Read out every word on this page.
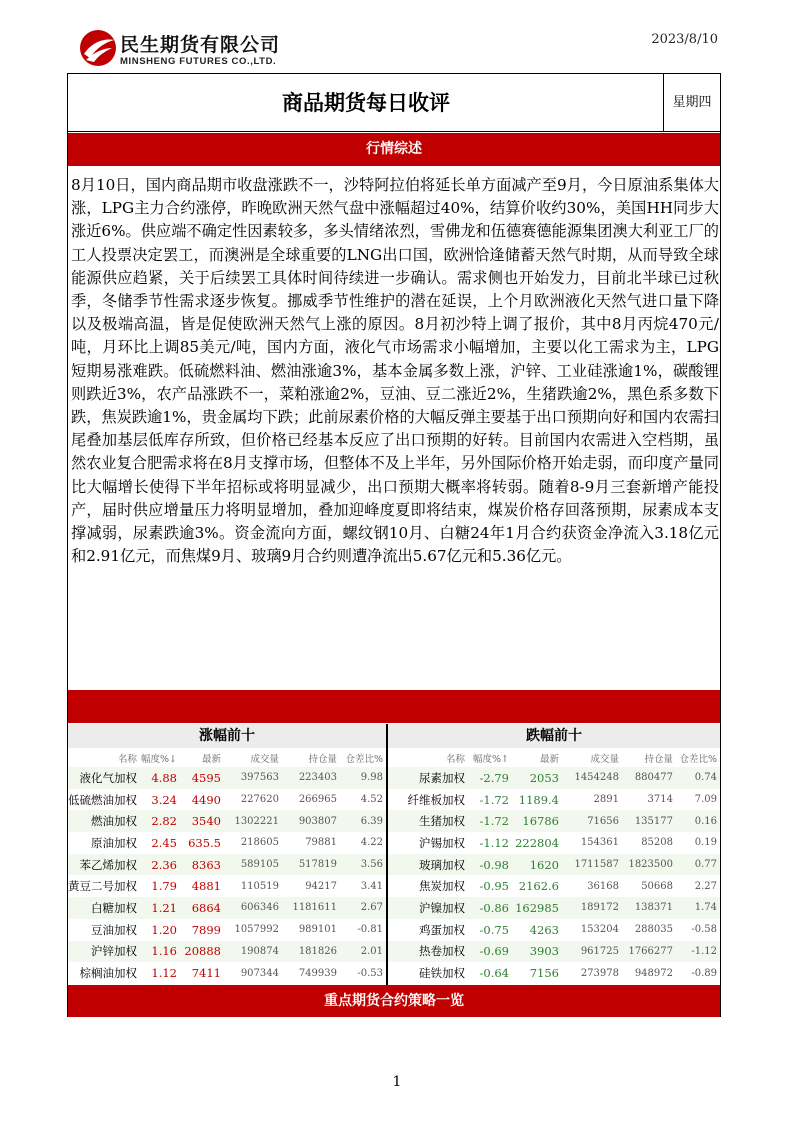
民生期货有限公司
MINSHENG FUTURES CO.,LTD.
2023/8/10
商品期货每日收评	星期四
行情综述
8月10日，国内商品期市收盘涨跌不一，沙特阿拉伯将延长单方面减产至9月，今日原油系集体大涨，LPG主力合约涨停，昨晚欧洲天然气盘中涨幅超过40%，结算价收约30%，美国HH同步大涨近6%。供应端不确定性因素较多，多头情绪浓烈，雪佛龙和伍德赛德能源集团澳大利亚工厂的工人投票决定罢工，而澳洲是全球重要的LNG出口国，欧洲恰逢储蓄天然气时期，从而导致全球能源供应趋紧，关于后续罢工具体时间待续进一步确认。需求侧也开始发力，目前北半球已过秋季，冬储季节性需求逐步恢复。挪威季节性维护的潜在延误，上个月欧洲液化天然气进口量下降以及极端高温，皆是促使欧洲天然气上涨的原因。8月初沙特上调了报价，其中8月丙烷470元/吨，月环比上调85美元/吨，国内方面，液化气市场需求小幅增加，主要以化工需求为主，LPG短期易涨难跌。低硫燃料油、燃油涨逾3%，基本金属多数上涨，沪锌、工业硅涨逾1%，碳酸锂则跌近3%，农产品涨跌不一，菜粕涨逾2%，豆油、豆二涨近2%，生猪跌逾2%，黑色系多数下跌，焦炭跌逾1%，贵金属均下跌；此前尿素价格的大幅反弹主要基于出口预期向好和国内农需扫尾叠加基层低库存所致，但价格已经基本反应了出口预期的好转。目前国内农需进入空档期，虽然农业复合肥需求将在8月支撑市场，但整体不及上半年，另外国际价格开始走弱，而印度产量同比大幅增长使得下半年招标或将明显减少，出口预期大概率将转弱。随着8-9月三套新增产能投产，届时供应增量压力将明显增加，叠加迎峰度夏即将结束，煤炭价格存回落预期，尿素成本支撑减弱，尿素跌逾3%。资金流向方面，螺纹钢10月、白糖24年1月合约获资金净流入3.18亿元和2.91亿元，而焦煤9月、玻璃9月合约则遭净流出5.67亿元和5.36亿元。
涨幅前十
名称	幅度%↓	最新	成交量	持仓量	仓差比%
液化气加权	4.88	4595	397563	223403	9.98
低硫燃油加权	3.24	4490	227620	266965	4.52
燃油加权	2.82	3540	1302221	903807	6.39
原油加权	2.45	635.5	218605	79881	4.22
苯乙烯加权	2.36	8363	589105	517819	3.56
黄豆二号加权	1.79	4881	110519	94217	3.41
白糖加权	1.21	6864	606346	1181611	2.67
豆油加权	1.20	7899	1057992	989101	-0.81
沪锌加权	1.16	20888	190874	181826	2.01
棕榈油加权	1.12	7411	907344	749939	-0.53
跌幅前十
名称	幅度%↑	最新	成交量	持仓量	仓差比%
尿素加权	-2.79	2053	1454248	880477	0.74
纤维板加权	-1.72	1189.4	2891	3714	7.09
生猪加权	-1.72	16786	71656	135177	0.16
沪锡加权	-1.12	222804	154361	85208	0.19
玻璃加权	-0.98	1620	1711587	1823500	0.77
焦炭加权	-0.95	2162.6	36168	50668	2.27
沪镍加权	-0.86	162985	189172	138371	1.74
鸡蛋加权	-0.75	4263	153204	288035	-0.58
热卷加权	-0.69	3903	961725	1766277	-1.12
硅铁加权	-0.64	7156	273978	948972	-0.89
重点期货合约策略一览
1
